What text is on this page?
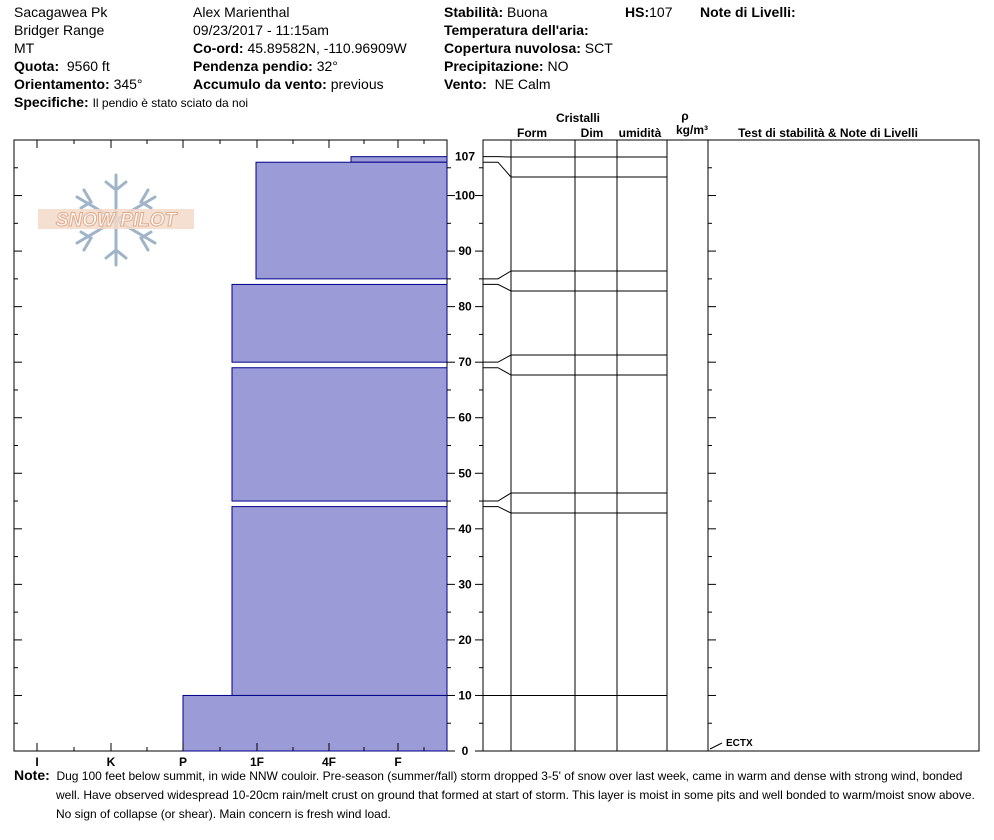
Sacagawea Pk
Bridger Range
MT
Quota: 9560 ft
Orientamento: 345°
Specifiche: Il pendio è stato sciato da noi
Alex Marienthal
09/23/2017 - 11:15am
Co-ord: 45.89582N, -110.96909W
Pendenza pendio: 32°
Accumulo da vento: previous
Stabilità: Buona	HS:107 Note di Livelli:
Temperatura dell'aria:
Copertura nuvolosa: SCT
Precipitazione: NO
Vento: NE Calm
I	K	P	1F	4F	F
0
10
20
30
40
50
60
70
80
90
100
107
Cristalli
Form	Dim umidità
ρ
kg/m³	Test di stabilità & Note di Livelli
ECTX
SNOW PILOT
Note: Dug 100 feet below summit, in wide NNW couloir. Pre-season (summer/fall) storm dropped 3-5' of snow over last week, came in warm and dense with strong wind, bonded well. Have observed widespread 10-20cm rain/melt crust on ground that formed at start of storm. This layer is moist in some pits and well bonded to warm/moist snow above. No sign of collapse (or shear). Main concern is fresh wind load.
